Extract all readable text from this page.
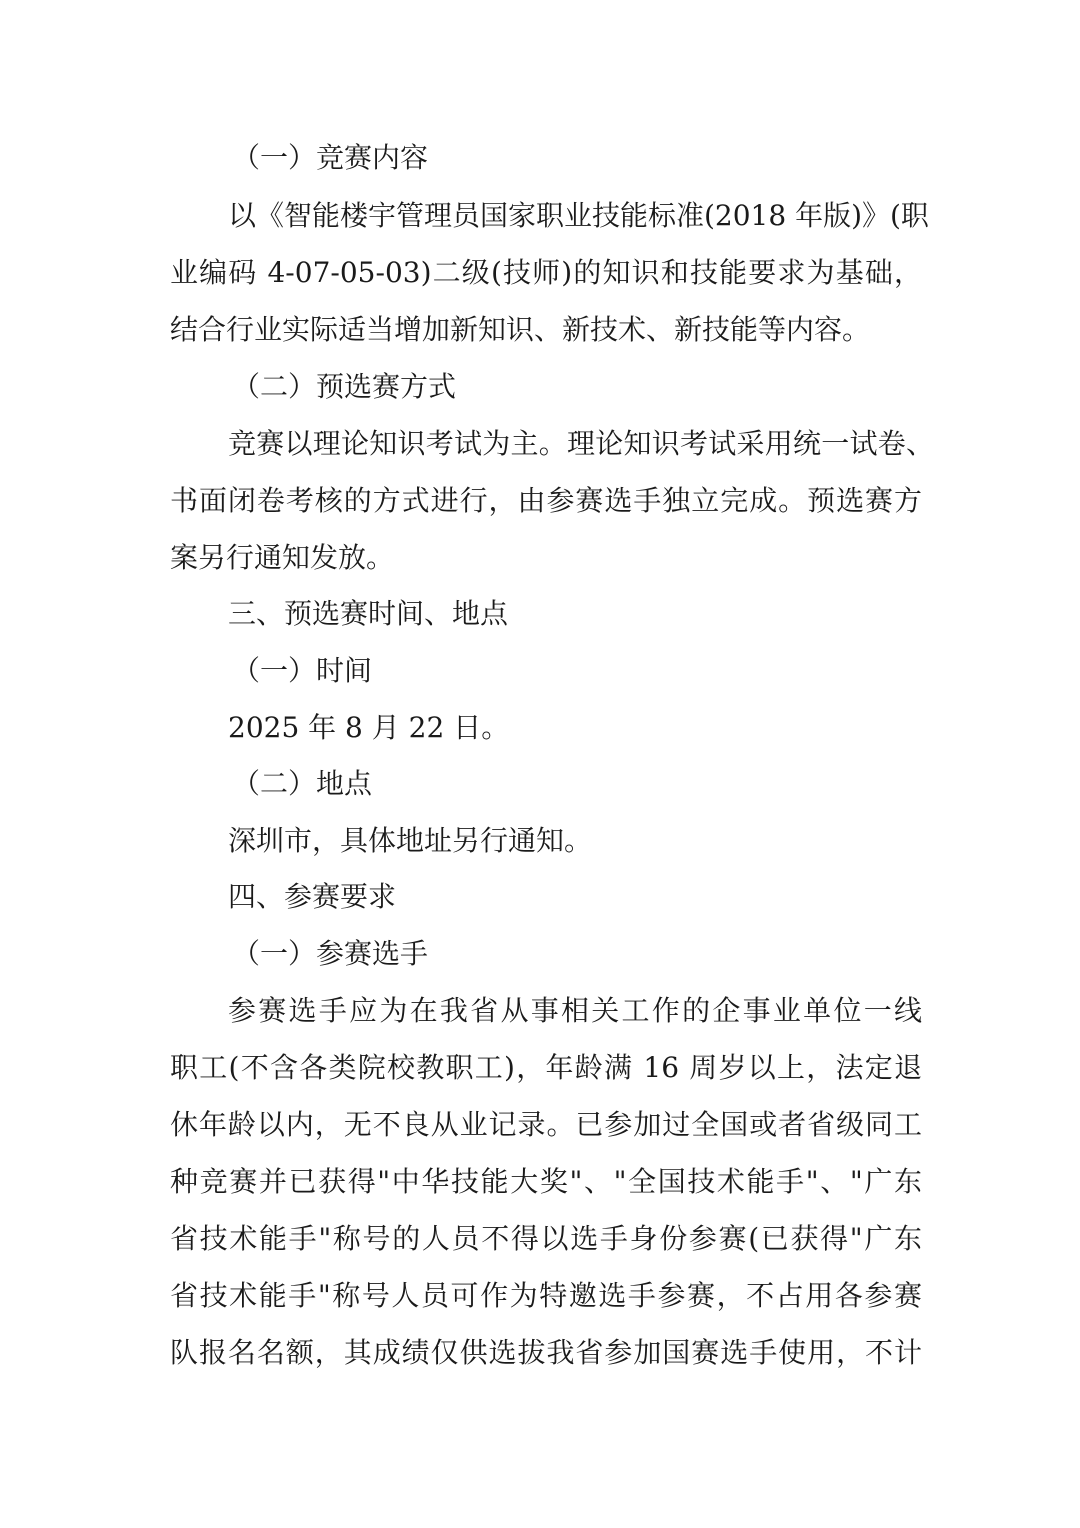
（一）竞赛内容

以《智能楼宇管理员国家职业技能标准(2018 年版)》(职

业编码 4-07-05-03)二级(技师)的知识和技能要求为基础，

结合行业实际适当增加新知识、新技术、新技能等内容。

（二）预选赛方式

竞赛以理论知识考试为主。理论知识考试采用统一试卷、

书面闭卷考核的方式进行，由参赛选手独立完成。预选赛方

案另行通知发放。

三、预选赛时间、地点

（一）时间

2025 年 8 月 22 日。

（二）地点

深圳市，具体地址另行通知。

四、参赛要求

（一）参赛选手

参赛选手应为在我省从事相关工作的企事业单位一线

职工(不含各类院校教职工)，年龄满 16 周岁以上，法定退

休年龄以内，无不良从业记录。已参加过全国或者省级同工

种竞赛并已获得"中华技能大奖"、"全国技术能手"、"广东

省技术能手"称号的人员不得以选手身份参赛(已获得"广东

省技术能手"称号人员可作为特邀选手参赛，不占用各参赛

队报名名额，其成绩仅供选拔我省参加国赛选手使用，不计
